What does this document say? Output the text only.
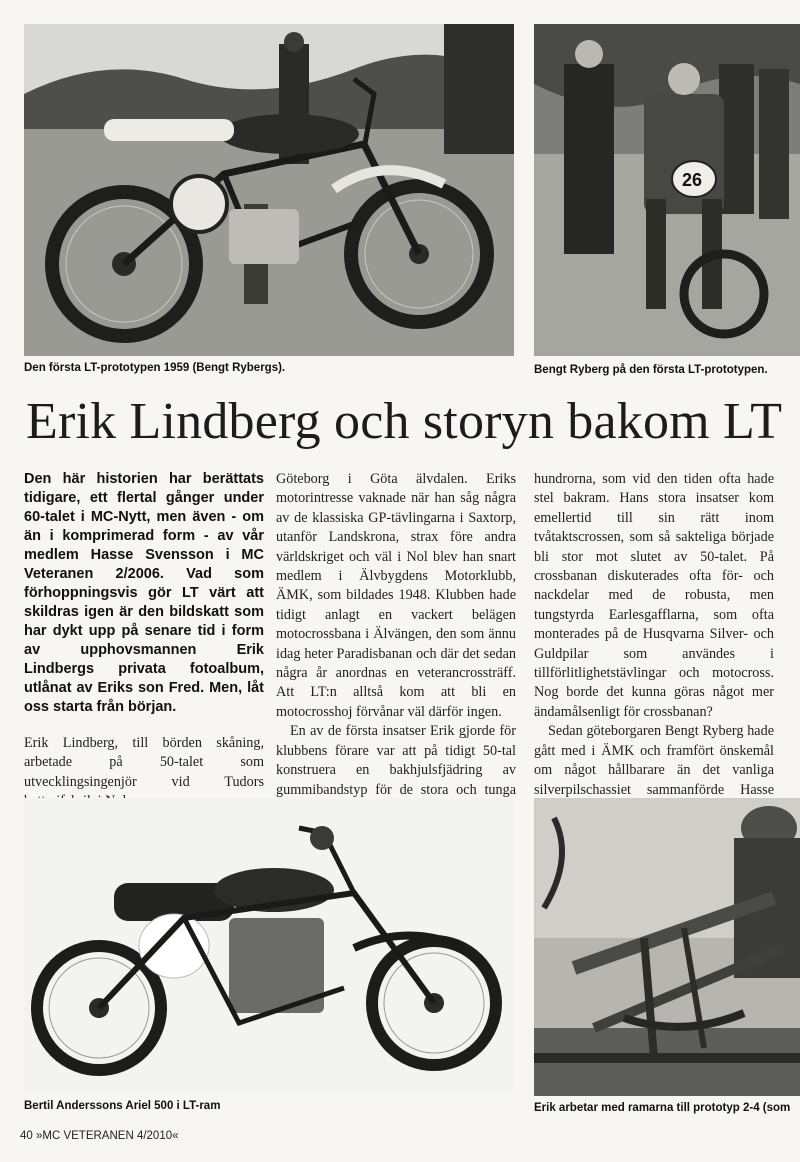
Den första LT-prototypen 1959 (Bengt Rybergs).

26

Bengt Ryberg på den första LT-prototypen.

Erik Lindberg och storyn bakom LT

Den här historien har berättats tidigare, ett flertal gånger under 60-talet i MC-Nytt, men även - om än i komprimerad form - av vår medlem Hasse Svensson i MC Veteranen 2/2006. Vad som förhoppningsvis gör LT värt att skildras igen är den bildskatt som har dykt upp på senare tid i form av upphovsmannen Erik Lindbergs privata fotoalbum, utlånat av Eriks son Fred. Men, låt oss starta från början.

Erik Lindberg, till börden skåning, arbetade på 50-talet som utvecklingsingenjör vid Tudors

Göteborg i Göta älvdalen. Eriks motorintresse vaknade när han såg några av de klassiska GP-tävlingarna i Saxtorp, utanför Landskrona, strax före andra världskriget och väl i Nol blev han snart medlem i Älvbygdens Motorklubb, ÄMK, som bildades 1948. Klubben hade tidigt anlagt en vackert belägen motocrossbana i Älvängen, den som ännu idag heter Paradisbanan och där det sedan några år anordnas en veterancrossträff. Att LT:n alltså kom att bli en motocrosshoj förvånar väl därför ingen.

En av de första insatser Erik gjorde för klubbens förare var att på tidigt 50-tal konstruera en bakhjulsfjädring av gummibandstyp för de stora och tunga

hundrorna, som vid den tiden ofta hade stel bakram. Hans stora insatser kom emellertid till sin rätt inom tvåtaktscrossen, som så sakteliga började bli stor mot slutet av 50-talet. På crossbanan diskuterades ofta för- och nackdelar med de robusta, men tungstyrda Earlesgafflarna, som ofta monterades på de Husqvarna Silver- och Guldpilar som användes i tillförlitlighetstävlingar och motocross. Nog borde det kunna göras något mer ändamålsenligt för crossbanan?

Sedan göteborgaren Bengt Ryberg hade gått med i ÄMK och framfört önskemål om något hållbarare än det vanliga silverpilschassiet sammanförde Hasse

Bertil Anderssons Ariel 500 i LT-ram	Erik arbetar med ramarna till prototyp 2-4 (som

40 »MC VETERANEN 4/2010«
